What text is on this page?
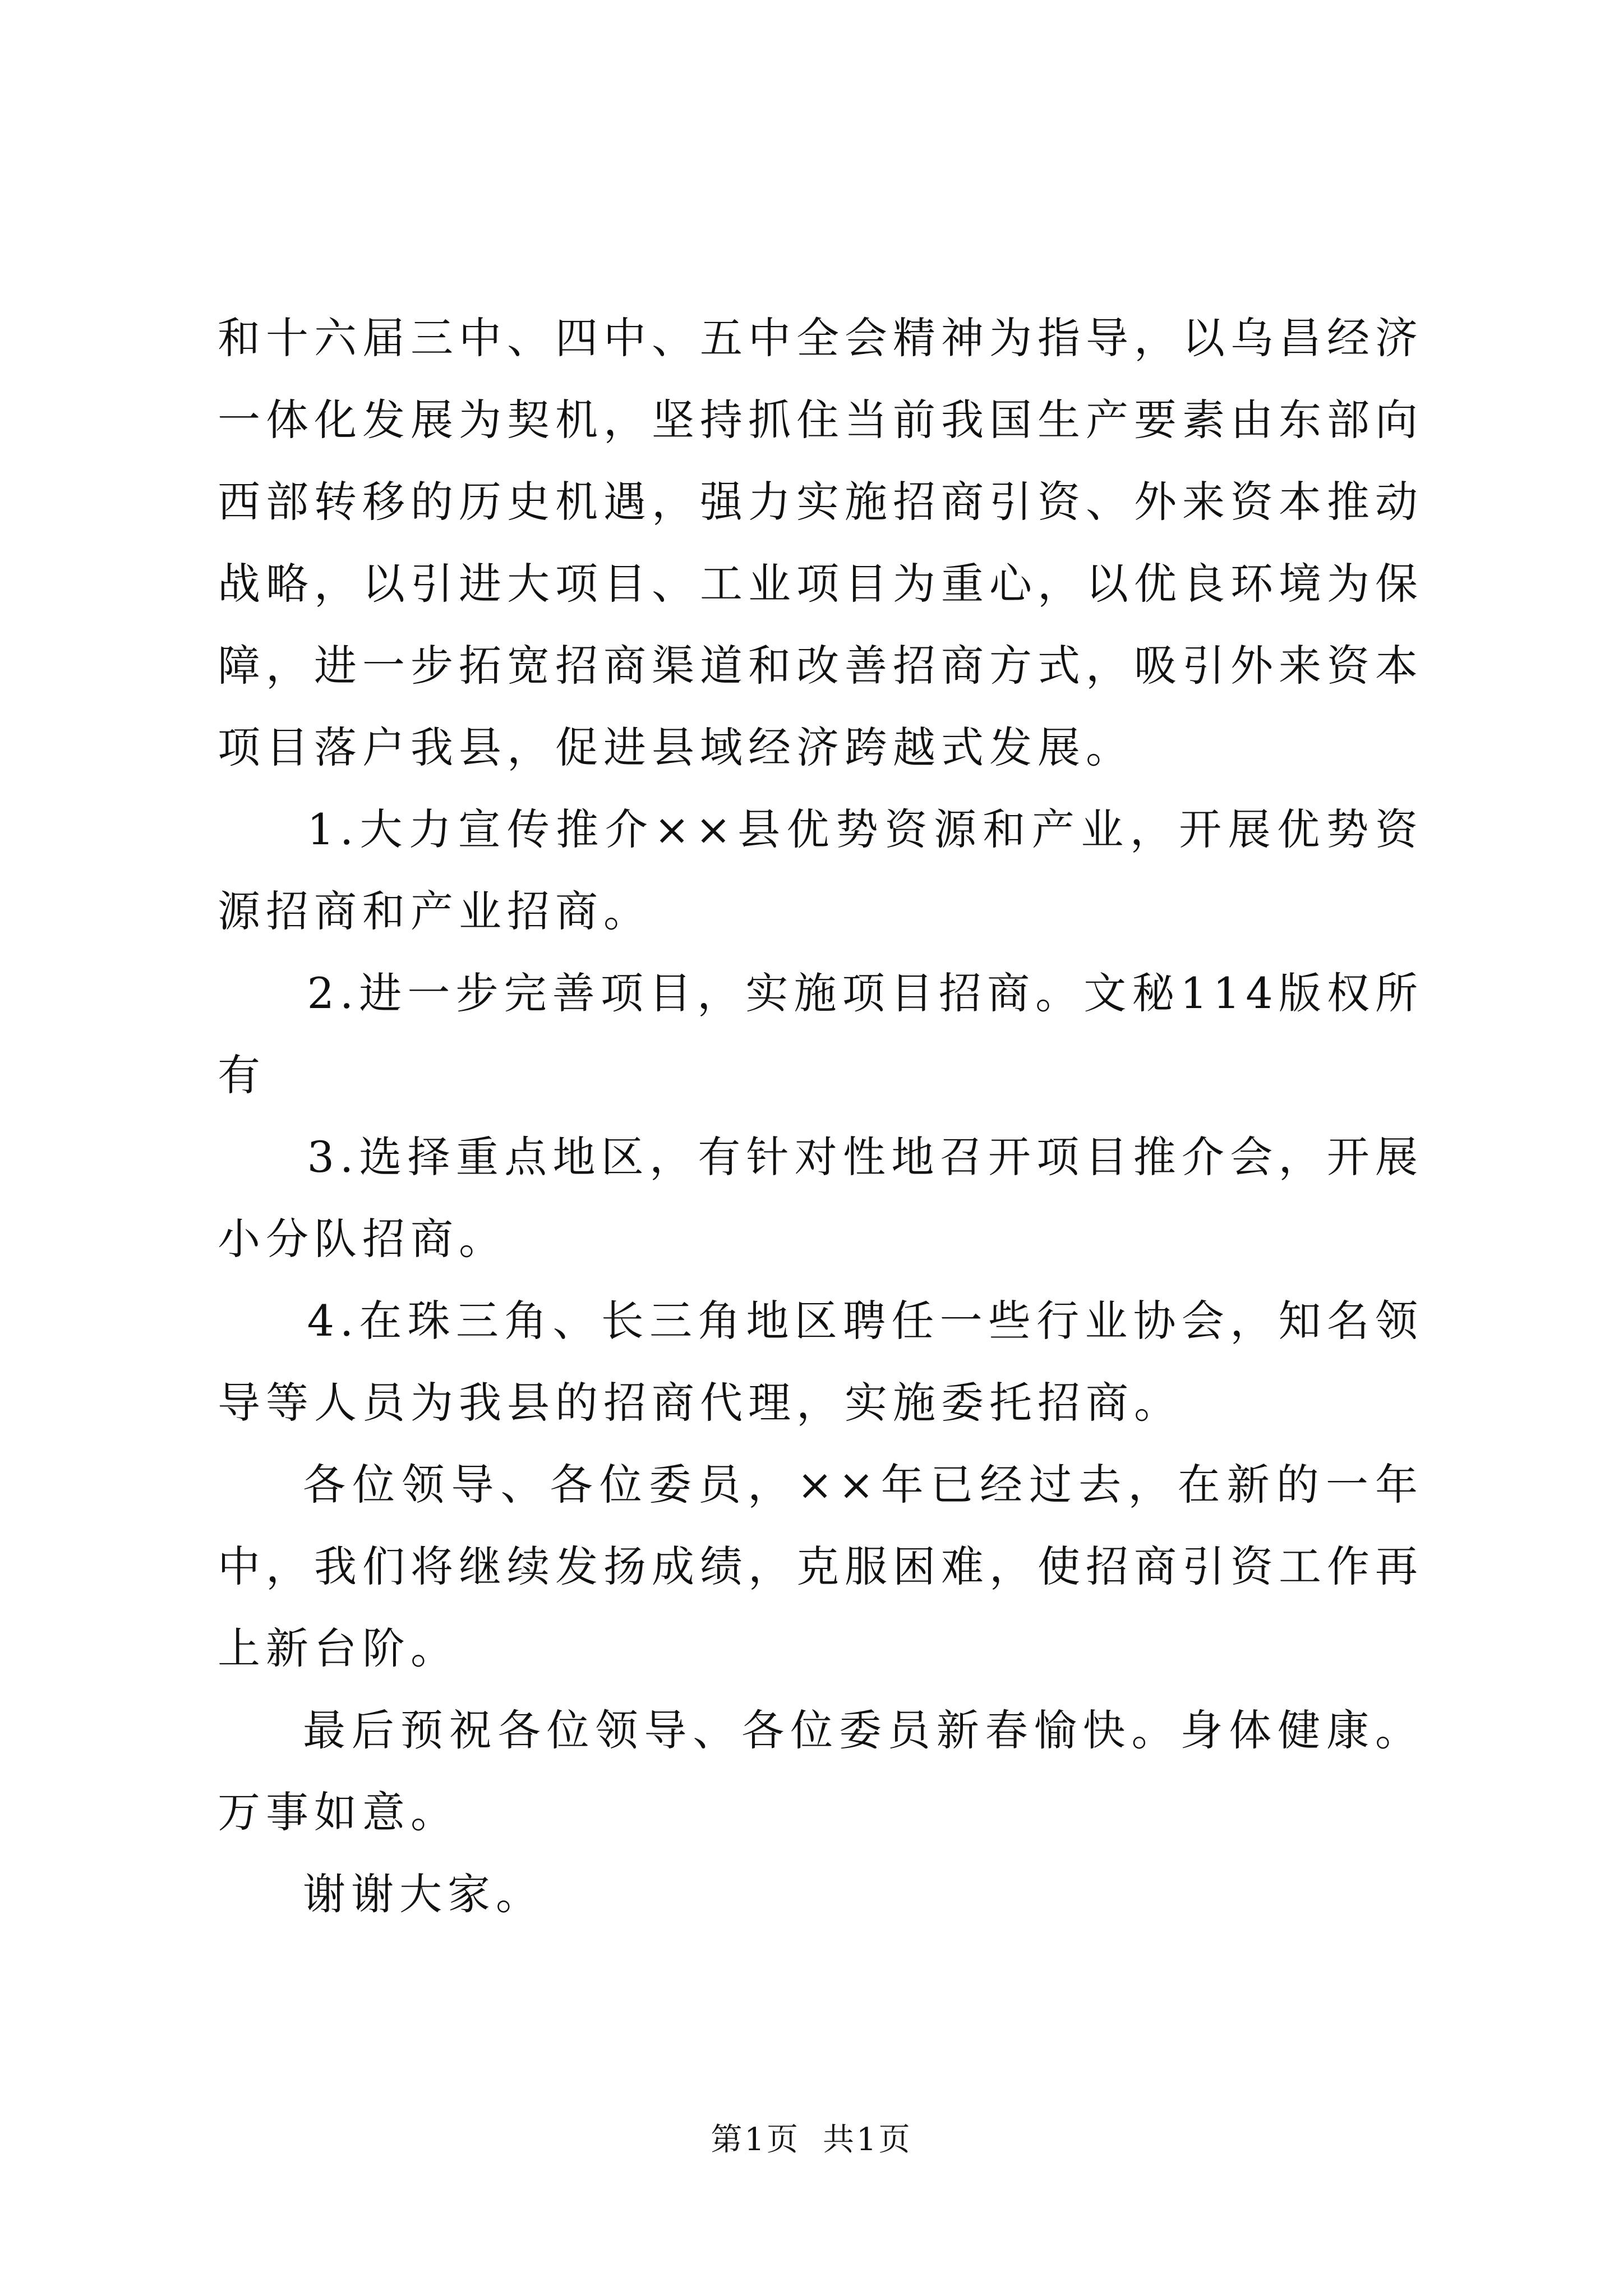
和十六届三中、四中、五中全会精神为指导，以乌昌经济一体化发展为契机，坚持抓住当前我国生产要素由东部向西部转移的历史机遇，强力实施招商引资、外来资本推动战略，以引进大项目、工业项目为重心，以优良环境为保障，进一步拓宽招商渠道和改善招商方式，吸引外来资本项目落户我县，促进县域经济跨越式发展。

1.大力宣传推介××县优势资源和产业，开展优势资源招商和产业招商。

2.进一步完善项目，实施项目招商。文秘114版权所有

3.选择重点地区，有针对性地召开项目推介会，开展小分队招商。

4.在珠三角、长三角地区聘任一些行业协会，知名领导等人员为我县的招商代理，实施委托招商。

各位领导、各位委员，××年已经过去，在新的一年中，我们将继续发扬成绩，克服困难，使招商引资工作再上新台阶。

最后预祝各位领导、各位委员新春愉快。身体健康。万事如意。

谢谢大家。

第1页 共1页
